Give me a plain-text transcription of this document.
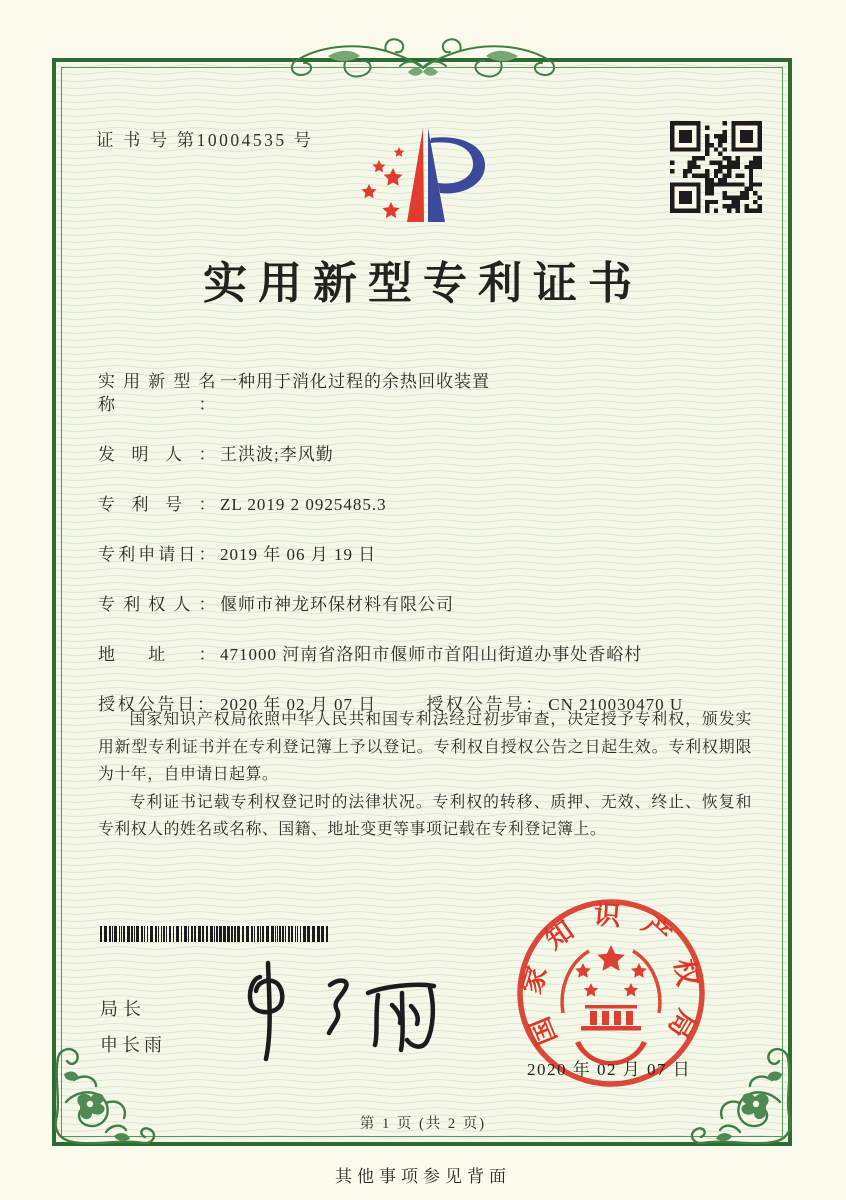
证 书 号 第10004535 号
实用新型专利证书
实用新型名称：
一种用于消化过程的余热回收装置
发明人： 王洪波;李风勤
专利号： ZL 2019 2 0925485.3
专利申请日： 2019 年 06 月 19 日
专利权人： 偃师市神龙环保材料有限公司
地址： 471000 河南省洛阳市偃师市首阳山街道办事处香峪村
授权公告日： 2020 年 02 月 07 日	授权公告号： CN 210030470 U

国家知识产权局依照中华人民共和国专利法经过初步审查，决定授予专利权，颁发实用新型专利证书并在专利登记簿上予以登记。专利权自授权公告之日起生效。专利权期限为十年，自申请日起算。

专利证书记载专利权登记时的法律状况。专利权的转移、质押、无效、终止、恢复和专利权人的姓名或名称、国籍、地址变更等事项记载在专利登记簿上。

局长
申长雨	国家知识产权局
2020 年 02 月 07 日
第 1 页 (共 2 页)
其他事项参见背面
